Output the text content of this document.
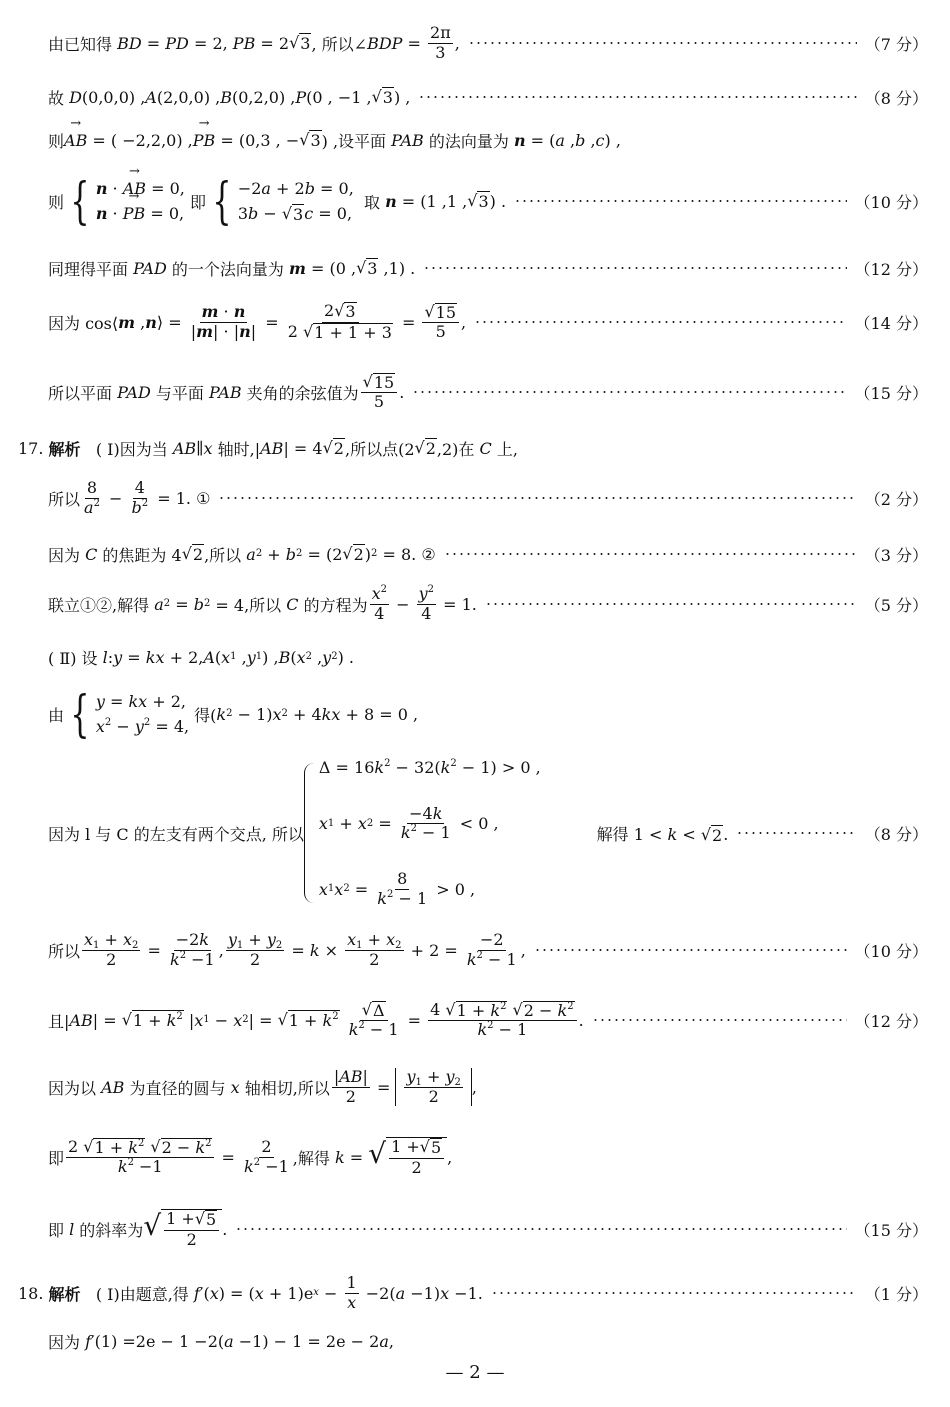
由已知得 BD = PD = 2, PB = 2 √ 3 , 所以∠ BDP = $\frac{2\pi}{3}$ ,	（7 分）
故 D (0,0,0) , A (2,0,0) , B (0,2,0) , P (0 , −1 , √ 3 ) ,	（8 分）
则 → AB = ( −2,2,0) , → PB = (0,3 , − √ 3 ) ,设平面 PAB 的法向量为 n = ( a , b , c ) ,
则 { n · → AB = 0,
n · → PB = 0,

即 { −2a + 2b = 0,
3b − √ 3 c = 0,
取 n = (1 ,1 , √ 3 ) .	（10 分）
同理得平面 PAD 的一个法向量为 m = (0 , √ 3 ,1) .	（12 分）
因为 cos⟨ m , n ⟩ = $\frac{m \cdot n}{|m| \cdot |n|} = \frac{2 √ 3}{2 √ 1 + 1 + 3} = \frac{√ 15}{5}$ ,	（14 分）
所以平面 PAD 与平面 PAB 夹角的余弦值为 $\frac{√ 15}{5}$ .	（15 分）
17.
解析 ( Ⅰ)因为当 AB ∥ x 轴时,| AB | = 4 √ 2 ,所以点(2 √ 2 ,2)在 C 上,
所以 $\frac{8}{a^2} - \frac{4}{b^2} = 1$. ①	（2 分）
因为 C 的焦距为 4 √ 2 ,所以 a 2 + b 2 = (2 √ 2 ) 2 = 8. ②	（3 分）
联立①②,解得 a 2 = b 2 = 4,所以 C 的方程为 $\frac{x^2}{4} - \frac{y^2}{4} = 1$.	（5 分）
( Ⅱ) 设 l : y = kx + 2, A ( x 1 , y 1 ) , B ( x 2 , y 2 ) .
由 { y = kx + 2,
$x^2 - y^2 = 4$,
得( k 2 − 1) x 2 + 4 kx + 8 = 0 ,
因为 l 与 C 的左支有两个交点, 所以
$\Delta = 16k^2 - 32(k^2 - 1) > 0$ ,
x 1 + x $2 = \frac{-4k}{k^2 - 1} < 0$ ,
x 1 x $2 = \frac{8}{k^2 - 1} > 0$ ,
解得 1 < k < √ 2 .	（8 分）
所以 $\frac{x_1 + x_2}{2} = \frac{-2k}{k^2 -1}$ , $\frac{y_1 + y_2}{2} = k \times \frac{x_1 + x_2}{2} + 2 = \frac{-2}{k^2 - 1}$ ,	（10 分）
且| AB | = √ $1 + k^2$ | x 1 − x 2 | = √ $1 + k^2$
$\frac{√ \Delta}{k^2 - 1} = 4$ √ $1 + k^2$
√ $2 - k^2$
$k^2 - 1$ .	（12 分）
因为以 AB 为直径的圆与 x 轴相切,所以 $\frac{|AB|}{2} = \frac{y_1 + y_2}{2}$ ,
即 2 √ $1 + k^2$
√ $2 - k^2$
$k^2 -1 = \frac{2}{k^2 -1}$ ,解得 k = √ $\frac{1 + √ 5}{2}$ ,
即 l 的斜率为 √ $\frac{1 + √ 5}{2}$ .	（15 分）
18.
解析 ( Ⅰ)由题意,得 f ′( x ) = ( x + 1)e $x - \frac{1}{x} -2$( a −1) x −1.	（1 分）
因为 f ′(1) =2e − 1 −2( a −1) − 1 = 2e − 2 a ,
— 2 —
